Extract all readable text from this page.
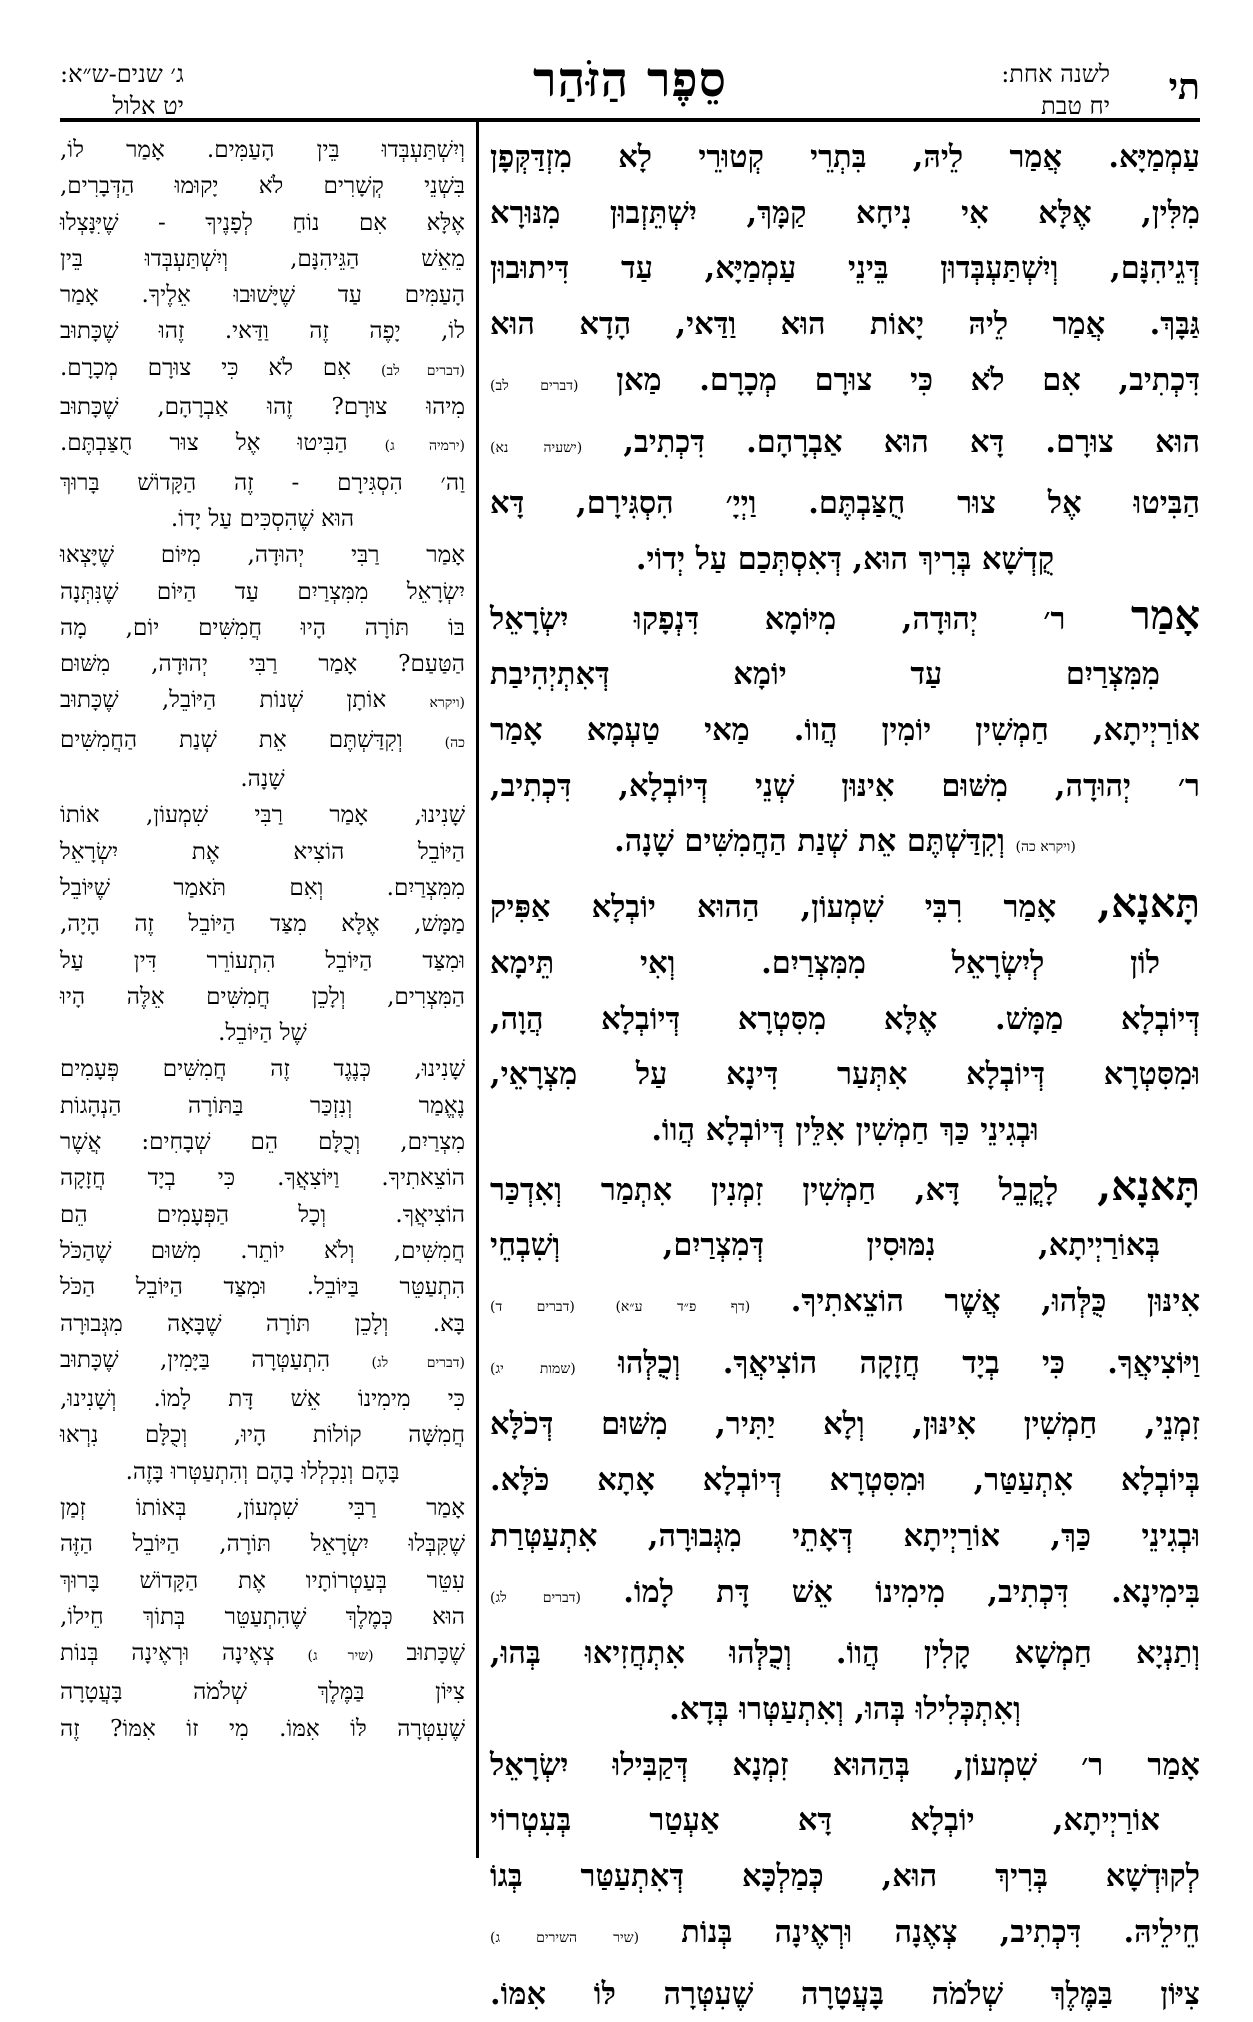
תי
לשנה אחת:
יח טבת
סֵפֶר הַזֹּהַר
ג׳ שנים-ש״א:
יט אלול

עַמְמַיָּא. אֲמַר לֵיהּ, בִּתְרֵי קְטוּרֵי לָא מִזְדַּקְּפָן

מִלִּין, אֶלָּא אִי נִיחָא קַמָּךְ, יִשְׁתֵּזְבוּן מִנּוּרָא

דְּגֵיהִנָּם, וְיִשְׁתַּעְבְּדוּן בֵּינֵי עַמְמַיָּא, עַד דִּיתוּבוּן

גַּבָּךְ. אֲמַר לֵיהּ יָאוֹת הוּא וַדַּאי, הָדָא הוּא

דִּכְתִיב, אִם לֹא כִּי צוּרָם מְכָרָם. מַאן (דברים לב)

הוּא צוּרָם. דָּא הוּא אַבְרָהָם. דִּכְתִיב, (ישעיה נא)

הַבִּיטוּ אֶל צוּר חֻצַּבְתֶּם. וַיְיָ׳ הִסְגִּירָם, דָּא

קֻדְשָׁא בְּרִיךְ הוּא, דְּאִסְתְּכַם עַל יְדוֹי.

אָמַר ר׳ יְהוּדָה, מִיּוֹמָא דִּנְפָקוּ יִשְׂרָאֵל

מִמִּצְרַיִם עַד יוֹמָא דְּאִתְיְהִיבַת

אוֹרַיְיתָא, חַמְשִׁין יוֹמִין הֲווֹ. מַאי טַעְמָא אָמַר

ר׳ יְהוּדָה, מִשּׁוּם אִינּוּן שְׁנֵי דְּיוֹבְלָא, דִּכְתִיב,

(ויקרא כה) וְקִדַּשְׁתֶּם אֵת שְׁנַת הַחֲמִשִּׁים שָׁנָה.

תָּאנָא, אָמַר רִבִּי שִׁמְעוֹן, הַהוּא יוֹבְלָא אַפִּיק

לוֹן לְיִשְׂרָאֵל מִמִּצְרַיִם. וְאִי תֵּימָא

דְּיוֹבְלָא מַמָּשׁ. אֶלָּא מִסִּטְרָא דְּיוֹבְלָא הֲוָה,

וּמִסִּטְרָא דְּיוֹבְלָא אִתְּעַר דִּינָא עַל מִצְרָאֵי,

וּבְגִינֵי כַּךְ חַמְשִׁין אִלֵּין דְּיוֹבְלָא הֲווֹ.

תָּאנָא, לָקֳבֵל דָּא, חַמְשִׁין זִמְנִין אִתְמַר וְאִדְכַּר

בְּאוֹרַיְיתָא, נִמּוּסִין דְּמִצְרַיִם, וְשִׁבְחֵי

אִינּוּן כֻּלְּהוּ, אֲשֶׁר הוֹצֵאתִיךָ. (דף פ״ד ע״א) (דברים ד)

וַיּוֹצִיאֲךָ. כִּי בְיָד חֲזָקָה הוֹצִיאֲךָ. וְכֻלְּהוּ (שמות יג)

זִמְנֵי, חַמְשִׁין אִינּוּן, וְלָא יַתִּיר, מִשּׁוּם דְּכֹלָּא

בְּיוֹבְלָא אִתְעַטַּר, וּמִסִּטְרָא דְּיוֹבְלָא אָתָא כֹּלָּא.

וּבְגִינֵי כַּךְ, אוֹרַיְיתָא דְּאָתֵי מִגְּבוּרָה, אִתְעַטְּרַת

בִּימִינָא. דִּכְתִיב, מִימִינוֹ אֵשׁ דָּת לָמוֹ. (דברים לג)

וְתַנְיָא חַמְשָׁא קָלִין הֲווֹ. וְכֻלְּהוּ אִתְחֲזִיאוּ בְּהוּ,

וְאִתְכְּלִילוּ בְּהוּ, וְאִתְעַטְּרוּ בְּדָא.

אָמַר ר׳ שִׁמְעוֹן, בְּהַהוּא זִמְנָא דְּקַבִּילוּ יִשְׂרָאֵל

אוֹרַיְיתָא, יוֹבְלָא דָּא אַעְטַר בְּעִטְרוֹי

לְקוּדְשָׁא בְּרִיךְ הוּא, כְּמַלְכָּא דְּאִתְעַטַּר בְּגוֹ

חֵילֵיהּ. דִּכְתִיב, צְאֶנָה וּרְאֶינָה בְּנוֹת (שיר השירים ג)

צִיּוֹן בַּמֶּלֶךְ שְׁלֹמֹה בָּעֲטָרָה שֶׁעִטְּרָה לּוֹ אִמּוֹ.

וְיִשְׁתַּעְבְּדוּ בֵּין הָעַמִּים. אָמַר לוֹ,

בִּשְׁנֵי קְשָׁרִים לֹא יָקוּמוּ הַדְּבָרִים,

אֶלָּא אִם נוֹחַ לְפָנֶיךָ - שֶׁיִּנָּצְלוּ

מֵאֵשׁ הַגֵּיהִנָּם, וְיִשְׁתַּעְבְּדוּ בֵּין

הָעַמִּים עַד שֶׁיָּשׁוּבוּ אֵלֶיךָ. אָמַר

לוֹ, יָפֶה זֶה וַדַּאי. זֶהוּ שֶׁכָּתוּב

(דברים לב) אִם לֹא כִּי צוּרָם מְכָרָם.

מִיהוּ צוּרָם? זֶהוּ אַבְרָהָם, שֶׁכָּתוּב

(ירמיה ג) הַבִּיטוּ אֶל צוּר חֻצַּבְתֶּם.

וַה׳ הִסְגִּירָם - זֶה הַקָּדוֹשׁ בָּרוּךְ

הוּא שֶׁהִסְכִּים עַל יָדוֹ.

אָמַר רַבִּי יְהוּדָה, מִיּוֹם שֶׁיָּצְאוּ

יִשְׂרָאֵל מִמִּצְרַיִם עַד הַיּוֹם שֶׁנִּתְּנָה

בּוֹ תּוֹרָה הָיוּ חֲמִשִּׁים יוֹם, מָה

הַטַּעַם? אָמַר רַבִּי יְהוּדָה, מִשּׁוּם

(ויקרא אוֹתָן שְׁנוֹת הַיּוֹבֵל, שֶׁכָּתוּב

כה) וְקִדַּשְׁתֶּם אֵת שְׁנַת הַחֲמִשִּׁים

שָׁנָה.

שָׁנִינוּ, אָמַר רַבִּי שִׁמְעוֹן, אוֹתוֹ

הַיּוֹבֵל הוֹצִיא אֶת יִשְׂרָאֵל

מִמִּצְרַיִם. וְאִם תֹּאמַר שֶׁיּוֹבֵל

מַמָּשׁ, אֶלָּא מִצַּד הַיּוֹבֵל זֶה הָיָה,

וּמִצַּד הַיּוֹבֵל הִתְעוֹרֵר דִּין עַל

הַמִּצְרִים, וְלָכֵן חֲמִשִּׁים אֵלֶּה הָיוּ

שֶׁל הַיּוֹבֵל.

שָׁנִינוּ, כְּנֶגֶד זֶה חֲמִשִּׁים פְּעָמִים

נֶאֱמַר וְנִזְכַּר בַּתּוֹרָה הַנְהָגוֹת

מִצְרַיִם, וְכֻלָּם הֵם שְׁבָחִים: אֲשֶׁר

הוֹצֵאתִיךָ. וַיּוֹצִאֲךָ. כִּי בְיָד חֲזָקָה

הוֹצִיאֲךָ. וְכָל הַפְּעָמִים הֵם

חֲמִשִּׁים, וְלֹא יוֹתֵר. מִשּׁוּם שֶׁהַכֹּל

הִתְעַטֵּר בַּיּוֹבֵל. וּמִצַּד הַיּוֹבֵל הַכֹּל

בָּא. וְלָכֵן תּוֹרָה שֶׁבָּאָה מִגְּבוּרָה

(דברים לג) הִתְעַטְּרָה בַּיָּמִין, שֶׁכָּתוּב

כִּי מִימִינוֹ אֵשׁ דָּת לָמוֹ. וְשָׁנִינוּ,

חֲמִשָּׁה קוֹלוֹת הָיוּ, וְכֻלָּם נִרְאוּ

בָּהֶם וְנִכְלְלוּ בָהֶם וְהִתְעַטְּרוּ בָּזֶה.

אָמַר רַבִּי שִׁמְעוֹן, בְּאוֹתוֹ זְמַן

שֶׁקִּבְּלוּ יִשְׂרָאֵל תּוֹרָה, הַיּוֹבֵל הַזֶּה

עִטֵּר בְּעַטְרוֹתָיו אֶת הַקָּדוֹשׁ בָּרוּךְ

הוּא כְּמֶלֶךְ שֶׁהִתְעַטֵּר בְּתוֹךְ חֵילוֹ,

שֶׁכָּתוּב (שיר ג) צְאֶינָה וּרְאֶינָה בְּנוֹת

צִיּוֹן בַּמֶּלֶךְ שְׁלֹמֹה בָּעֲטָרָה

שֶׁעִטְּרָה לּוֹ אִמּוֹ. מִי זוֹ אִמּוֹ? זֶה
